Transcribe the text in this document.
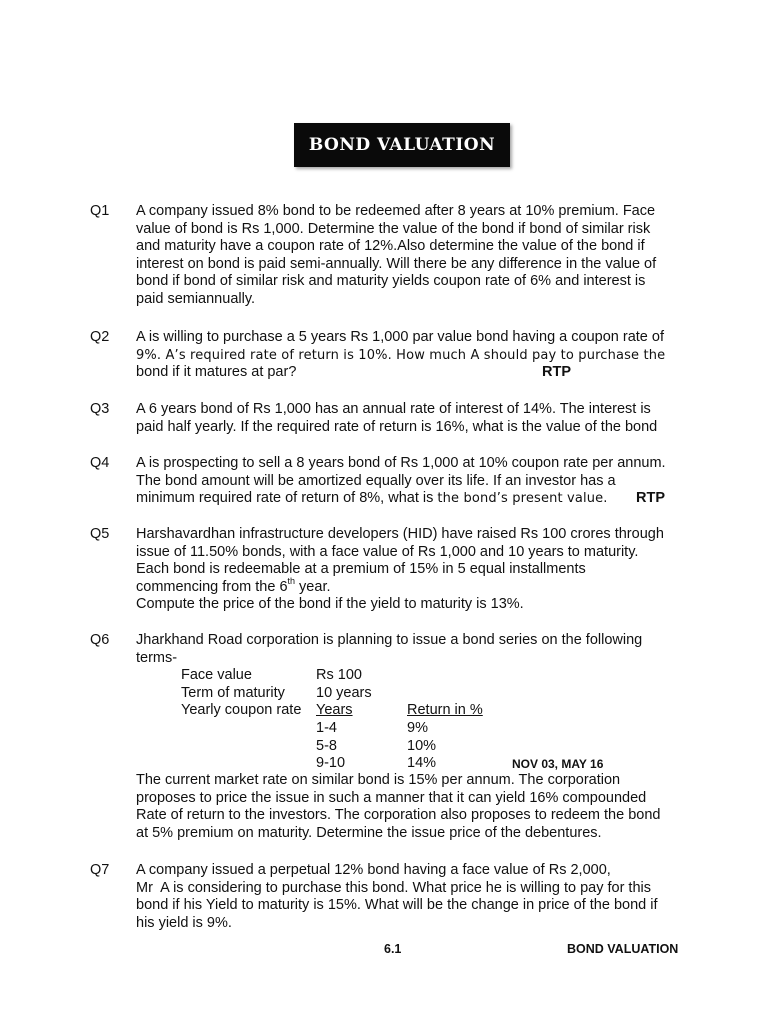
BOND VALUATION
Q1 A company issued 8% bond to be redeemed after 8 years at 10% premium. Face
value of bond is Rs 1,000. Determine the value of the bond if bond of similar risk
and maturity have a coupon rate of 12%.Also determine the value of the bond if
interest on bond is paid semi-annually. Will there be any difference in the value of
bond if bond of similar risk and maturity yields coupon rate of 6% and interest is
paid semiannually.
Q2 A is willing to purchase a 5 years Rs 1,000 par value bond having a coupon rate of
9%. A’s required rate of return is 10%. How much A should pay to purchase the
bond if it matures at par?	RTP
Q3 A 6 years bond of Rs 1,000 has an annual rate of interest of 14%. The interest is
paid half yearly. If the required rate of return is 16%, what is the value of the bond
Q4 A is prospecting to sell a 8 years bond of Rs 1,000 at 10% coupon rate per annum.
The bond amount will be amortized equally over its life. If an investor has a
minimum required rate of return of 8%, what is the bond’s present value. RTP
Q5 Harshavardhan infrastructure developers (HID) have raised Rs 100 crores through
issue of 11.50% bonds, with a face value of Rs 1,000 and 10 years to maturity.
Each bond is redeemable at a premium of 15% in 5 equal installments
commencing from the 6th year.
Compute the price of the bond if the yield to maturity is 13%.
Q6 Jharkhand Road corporation is planning to issue a bond series on the following
terms-
Face value	Rs 100
Term of maturity 10 years
Yearly coupon rate Years	Return in %
1-4	9%
5-8	10%
9-10	14%	NOV 03, MAY 16
The current market rate on similar bond is 15% per annum. The corporation
proposes to price the issue in such a manner that it can yield 16% compounded
Rate of return to the investors. The corporation also proposes to redeem the bond
at 5% premium on maturity. Determine the issue price of the debentures.
Q7 A company issued a perpetual 12% bond having a face value of Rs 2,000,
Mr  A is considering to purchase this bond. What price he is willing to pay for this
bond if his Yield to maturity is 15%. What will be the change in price of the bond if
his yield is 9%.
6.1	BOND VALUATION
